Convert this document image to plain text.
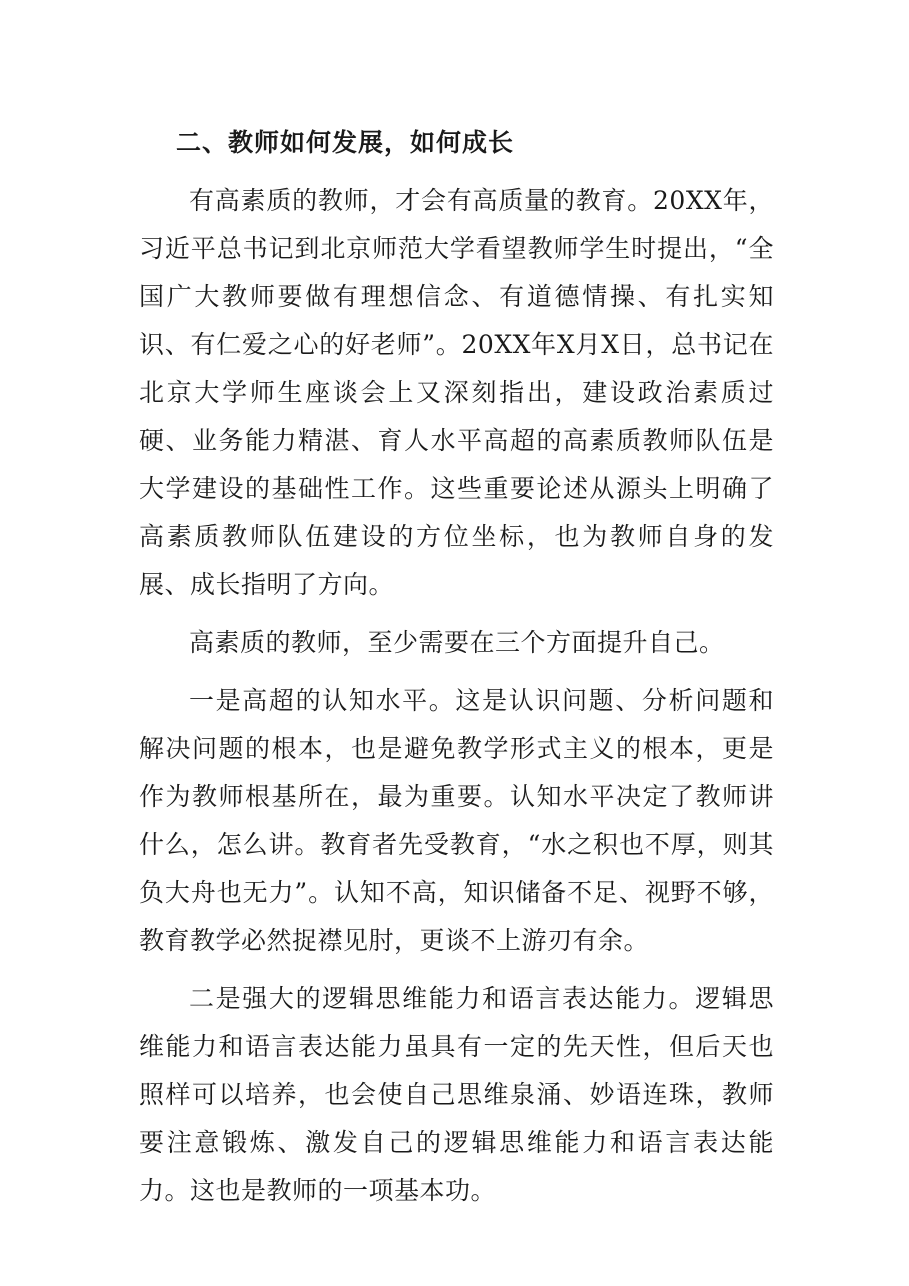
二、教师如何发展，如何成长

有高素质的教师，才会有高质量的教育。20XX年，习近平总书记到北京师范大学看望教师学生时提出，“全国广大教师要做有理想信念、有道德情操、有扎实知识、有仁爱之心的好老师”。20XX年X月X日，总书记在北京大学师生座谈会上又深刻指出，建设政治素质过硬、业务能力精湛、育人水平高超的高素质教师队伍是大学建设的基础性工作。这些重要论述从源头上明确了高素质教师队伍建设的方位坐标，也为教师自身的发展、成长指明了方向。

高素质的教师，至少需要在三个方面提升自己。

一是高超的认知水平。这是认识问题、分析问题和解决问题的根本，也是避免教学形式主义的根本，更是作为教师根基所在，最为重要。认知水平决定了教师讲什么，怎么讲。教育者先受教育，“水之积也不厚，则其负大舟也无力”。认知不高，知识储备不足、视野不够，教育教学必然捉襟见肘，更谈不上游刃有余。

二是强大的逻辑思维能力和语言表达能力。逻辑思维能力和语言表达能力虽具有一定的先天性，但后天也照样可以培养，也会使自己思维泉涌、妙语连珠，教师要注意锻炼、激发自己的逻辑思维能力和语言表达能力。这也是教师的一项基本功。
